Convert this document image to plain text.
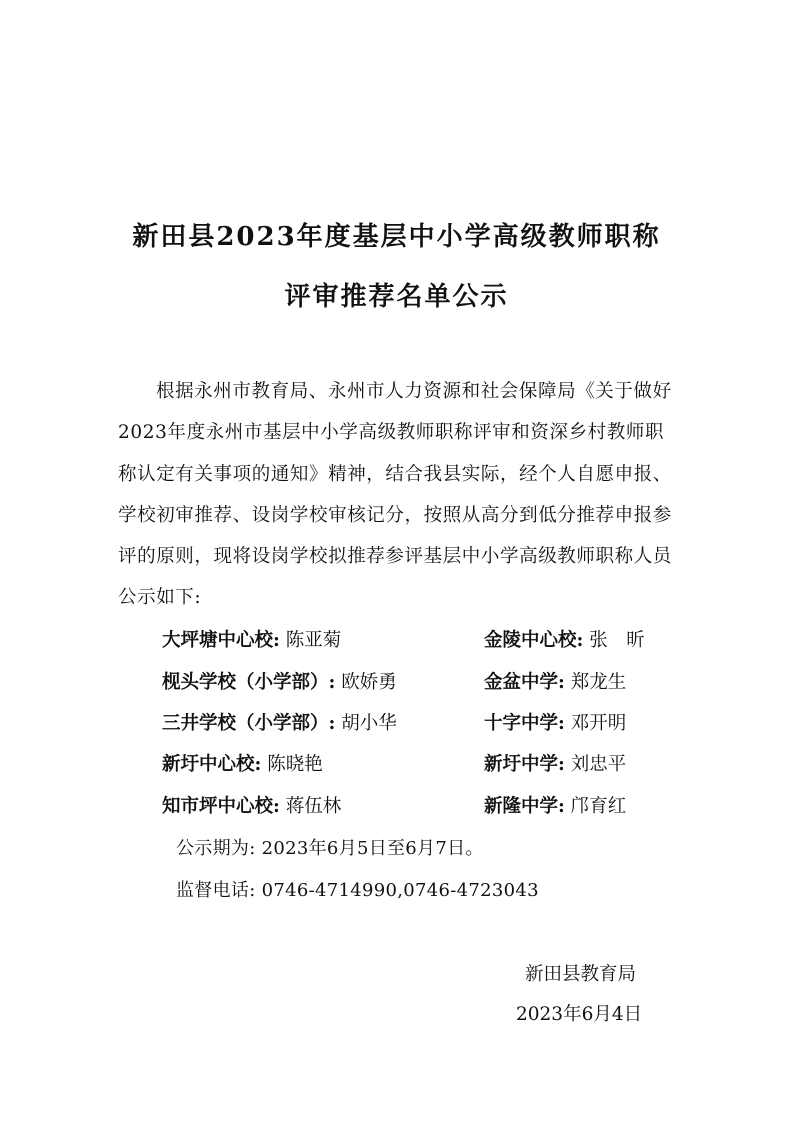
新田县2023年度基层中小学高级教师职称
评审推荐名单公示

根据永州市教育局、永州市人力资源和社会保障局《关于做好2023年度永州市基层中小学高级教师职称评审和资深乡村教师职称认定有关事项的通知》精神，结合我县实际，经个人自愿申报、学校初审推荐、设岗学校审核记分，按照从高分到低分推荐申报参评的原则，现将设岗学校拟推荐参评基层中小学高级教师职称人员公示如下:

大坪塘中心校: 陈亚菊	金陵中心校: 张　昕
枧头学校（小学部）: 欧娇勇	金盆中学: 郑龙生
三井学校（小学部）: 胡小华	十字中学: 邓开明
新圩中心校: 陈晓艳	新圩中学: 刘忠平
知市坪中心校: 蒋伍林	新隆中学: 邝育红
公示期为: 2023年6月5日至6月7日。
监督电话: 0746-4714990,0746-4723043
新田县教育局
2023年6月4日
